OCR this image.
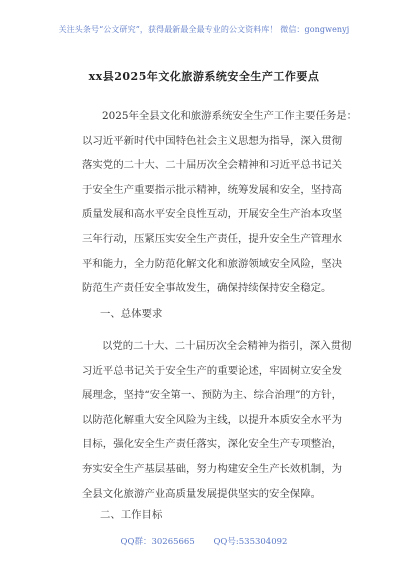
关注头条号“公文研究”，获得最新最全最专业的公文资料库！ 微信：gongwenyj
xx县2025年文化旅游系统安全生产工作要点
2025年全县文化和旅游系统安全生产工作主要任务是：
以习近平新时代中国特色社会主义思想为指导，深入贯彻
落实党的二十大、二十届历次全会精神和习近平总书记关
于安全生产重要指示批示精神，统筹发展和安全，坚持高
质量发展和高水平安全良性互动，开展安全生产治本攻坚
三年行动，压紧压实安全生产责任，提升安全生产管理水
平和能力，全力防范化解文化和旅游领域安全风险，坚决
防范生产责任安全事故发生，确保持续保持安全稳定。
一、总体要求
以党的二十大、二十届历次全会精神为指引，深入贯彻
习近平总书记关于安全生产的重要论述，牢固树立安全发
展理念，坚持“安全第一、预防为主、综合治理”的方针，
以防范化解重大安全风险为主线，以提升本质安全水平为
目标，强化安全生产责任落实，深化安全生产专项整治，
夯实安全生产基层基础，努力构建安全生产长效机制，为
全县文化旅游产业高质量发展提供坚实的安全保障。
二、工作目标
QQ群：30265665 QQ号:535304092
